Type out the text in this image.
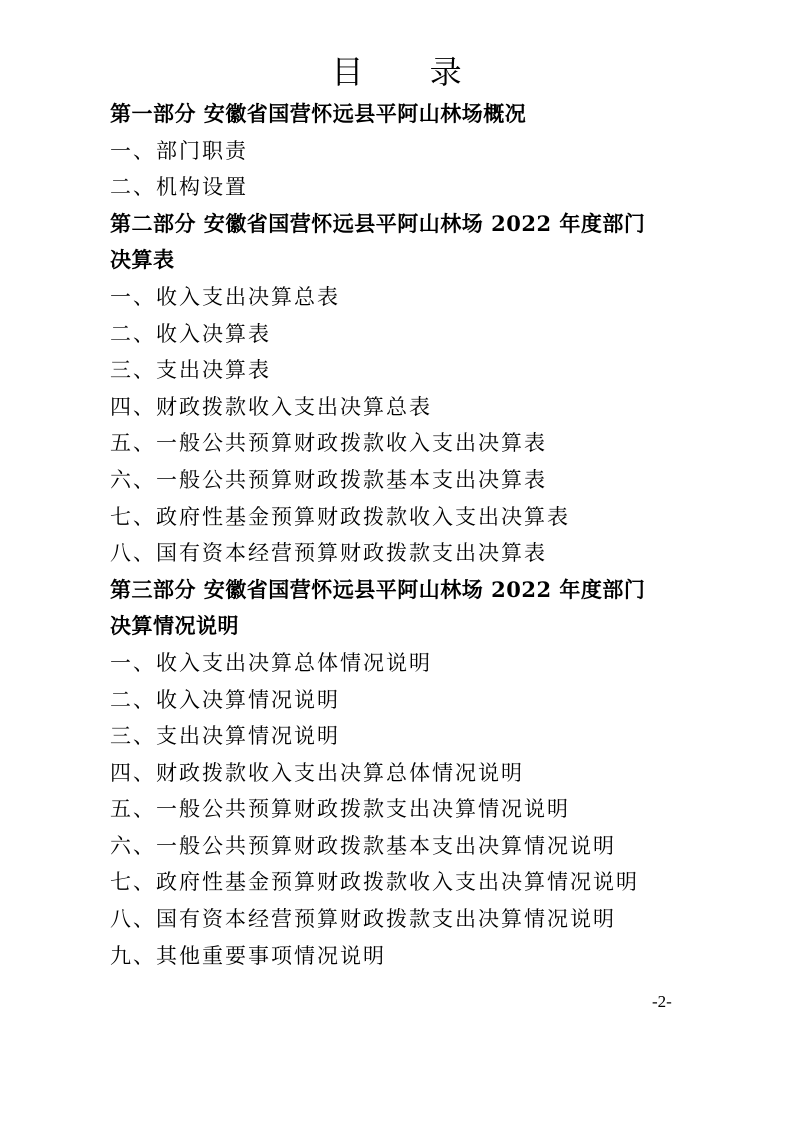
目 录
第一部分 安徽省国营怀远县平阿山林场概况
一、部门职责
二、机构设置
第二部分 安徽省国营怀远县平阿山林场 2022 年度部门
决算表
一、收入支出决算总表
二、收入决算表
三、支出决算表
四、财政拨款收入支出决算总表
五、一般公共预算财政拨款收入支出决算表
六、一般公共预算财政拨款基本支出决算表
七、政府性基金预算财政拨款收入支出决算表
八、国有资本经营预算财政拨款支出决算表
第三部分 安徽省国营怀远县平阿山林场 2022 年度部门
决算情况说明
一、收入支出决算总体情况说明
二、收入决算情况说明
三、支出决算情况说明
四、财政拨款收入支出决算总体情况说明
五、一般公共预算财政拨款支出决算情况说明
六、一般公共预算财政拨款基本支出决算情况说明
七、政府性基金预算财政拨款收入支出决算情况说明
八、国有资本经营预算财政拨款支出决算情况说明
九、其他重要事项情况说明
-2-
